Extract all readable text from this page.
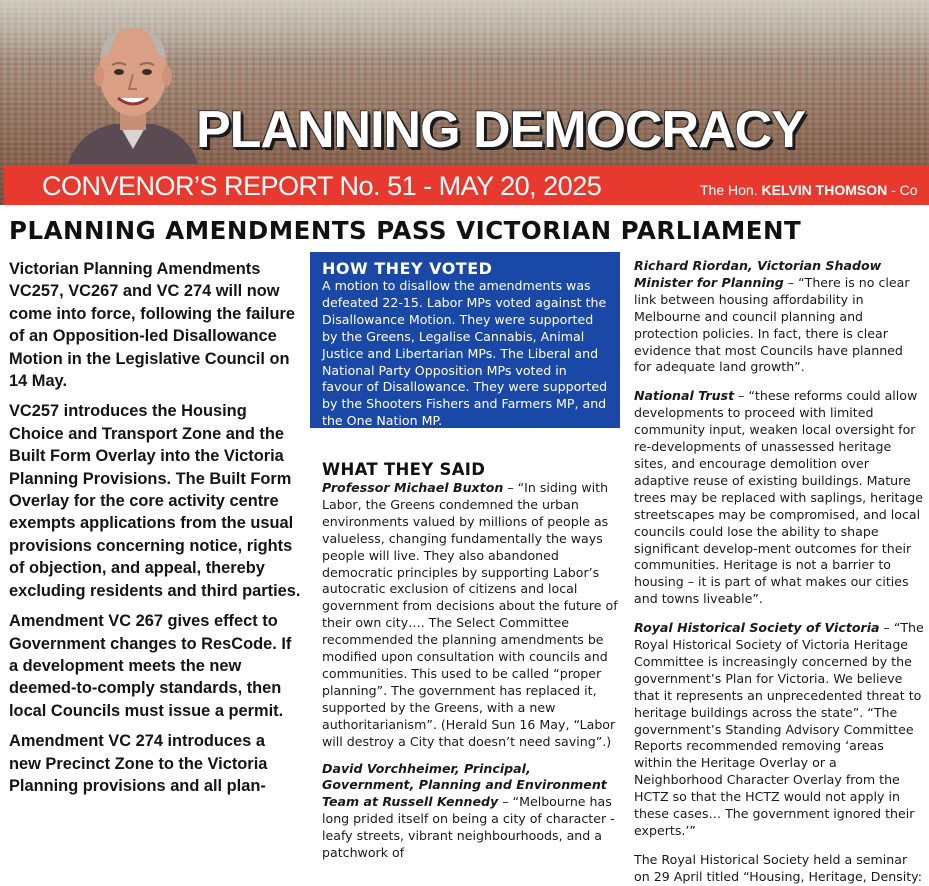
PLANNING DEMOCRACY

CONVENOR’S REPORT No. 51 - MAY 20, 2025	The Hon. KELVIN THOMSON - Co

PLANNING AMENDMENTS PASS VICTORIAN PARLIAMENT

Victorian Planning Amendments VC257, VC267 and VC 274 will now come into force, following the failure of an Opposition-led Disallowance Motion in the Legislative Council on 14 May.

VC257 introduces the Housing Choice and Transport Zone and the Built Form Overlay into the Victoria Planning Provisions. The Built Form Overlay for the core activity centre exempts applications from the usual provisions concerning notice, rights of objection, and appeal, thereby excluding residents and third parties.

Amendment VC 267 gives effect to Government changes to ResCode. If a development meets the new deemed-to-comply standards, then local Councils must issue a permit.

Amendment VC 274 introduces a new Precinct Zone to the Victoria Planning provisions and all plan-

HOW THEY VOTED

A motion to disallow the amendments was defeated 22-15. Labor MPs voted against the Disallowance Motion. They were supported by the Greens, Legalise Cannabis, Animal Justice and Libertarian MPs. The Liberal and National Party Opposition MPs voted in favour of Disallowance. They were supported by the Shooters Fishers and Farmers MP, and the One Nation MP.

WHAT THEY SAID

Professor Michael Buxton – “In siding with Labor, the Greens condemned the urban environments valued by millions of people as valueless, changing fundamentally the ways people will live. They also abandoned democratic principles by supporting Labor’s autocratic exclusion of citizens and local government from decisions about the future of their own city…. The Select Committee recommended the planning amendments be modified upon consultation with councils and communities. This used to be called “proper planning”. The government has replaced it, supported by the Greens, with a new authoritarianism”. (Herald Sun 16 May, “Labor will destroy a City that doesn’t need saving”.)

David Vorchheimer, Principal, Government, Planning and Environment Team at Russell Kennedy – “Melbourne has long prided itself on being a city of character - leafy streets, vibrant neighbourhoods, and a patchwork of

Richard Riordan, Victorian Shadow Minister for Planning – “There is no clear link between housing affordability in Melbourne and council planning and protection policies. In fact, there is clear evidence that most Councils have planned for adequate land growth”.

National Trust – “these reforms could allow developments to proceed with limited community input, weaken local oversight for re-developments of unassessed heritage sites, and encourage demolition over adaptive reuse of existing buildings. Mature trees may be replaced with saplings, heritage streetscapes may be compromised, and local councils could lose the ability to shape significant develop-ment outcomes for their communities. Heritage is not a barrier to housing – it is part of what makes our cities and towns liveable”.

Royal Historical Society of Victoria – “The Royal Historical Society of Victoria Heritage Committee is increasingly concerned by the government’s Plan for Victoria. We believe that it represents an unprecedented threat to heritage buildings across the state”. “The government’s Standing Advisory Committee Reports recommended removing ‘areas within the Heritage Overlay or a Neighborhood Character Overlay from the HCTZ so that the HCTZ would not apply in these cases… The government ignored their experts.’”

The Royal Historical Society held a seminar on 29 April titled “Housing, Heritage, Density:
